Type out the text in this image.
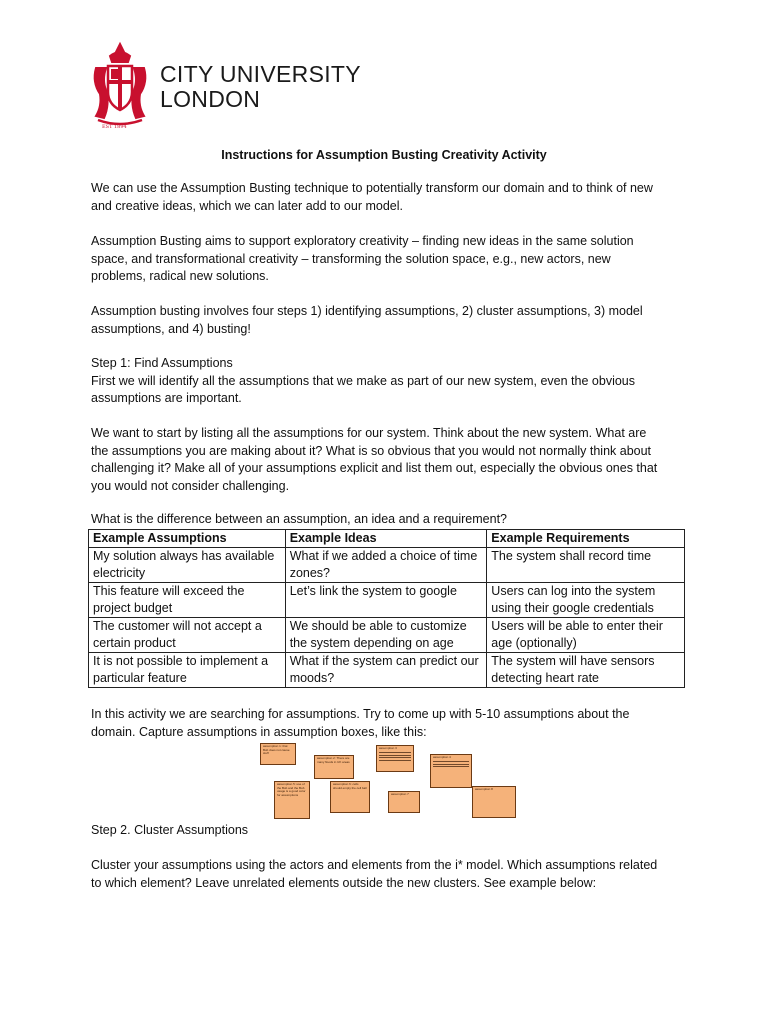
CITY UNIVERSITY
LONDON
EST 1894
Instructions for Assumption Busting Creativity Activity

We can use the Assumption Busting technique to potentially transform our domain and to think of new
and creative ideas, which we can later add to our model.

Assumption Busting aims to support exploratory creativity – finding new ideas in the same solution
space, and transformational creativity – transforming the solution space, e.g., new actors, new
problems, radical new solutions.

Assumption busting involves four steps 1) identifying assumptions, 2) cluster assumptions, 3) model
assumptions, and 4) busting!

Step 1: Find Assumptions
First we will identify all the assumptions that we make as part of our new system, even the obvious
assumptions are important.

We want to start by listing all the assumptions for our system. Think about the new system. What are
the assumptions you are making about it? What is so obvious that you would not normally think about
challenging it? Make all of your assumptions explicit and list them out, especially the obvious ones that
you would not consider challenging.

What is the difference between an assumption, an idea and a requirement?

Example Assumptions	Example Ideas	Example Requirements
My solution always has available electricity	What if we added a choice of time zones?	The system shall record time
This feature will exceed the project budget	Let’s link the system to google	Users can log into the system using their google credentials
The customer will not accept a certain product	We should be able to customize the system depending on age	Users will be able to enter their age (optionally)
It is not possible to implement a particular feature	What if the system can predict our moods?	The system will have sensors detecting heart rate

In this activity we are searching for assumptions. Try to come up with 5-10 assumptions about the
domain. Capture assumptions in assumption boxes, like this:

assumption 1: that Bob does not cause stuff
assumption 2: There are many floods in UK areas
assumption 3
assumption 4
assumption 5: use of the Bob and the Bob usage is a good color for assumptions
assumption 6: cells should empty the cell ball
assumption 7
assumption 8

Step 2. Cluster Assumptions

Cluster your assumptions using the actors and elements from the i* model. Which assumptions related
to which element? Leave unrelated elements outside the new clusters. See example below:
